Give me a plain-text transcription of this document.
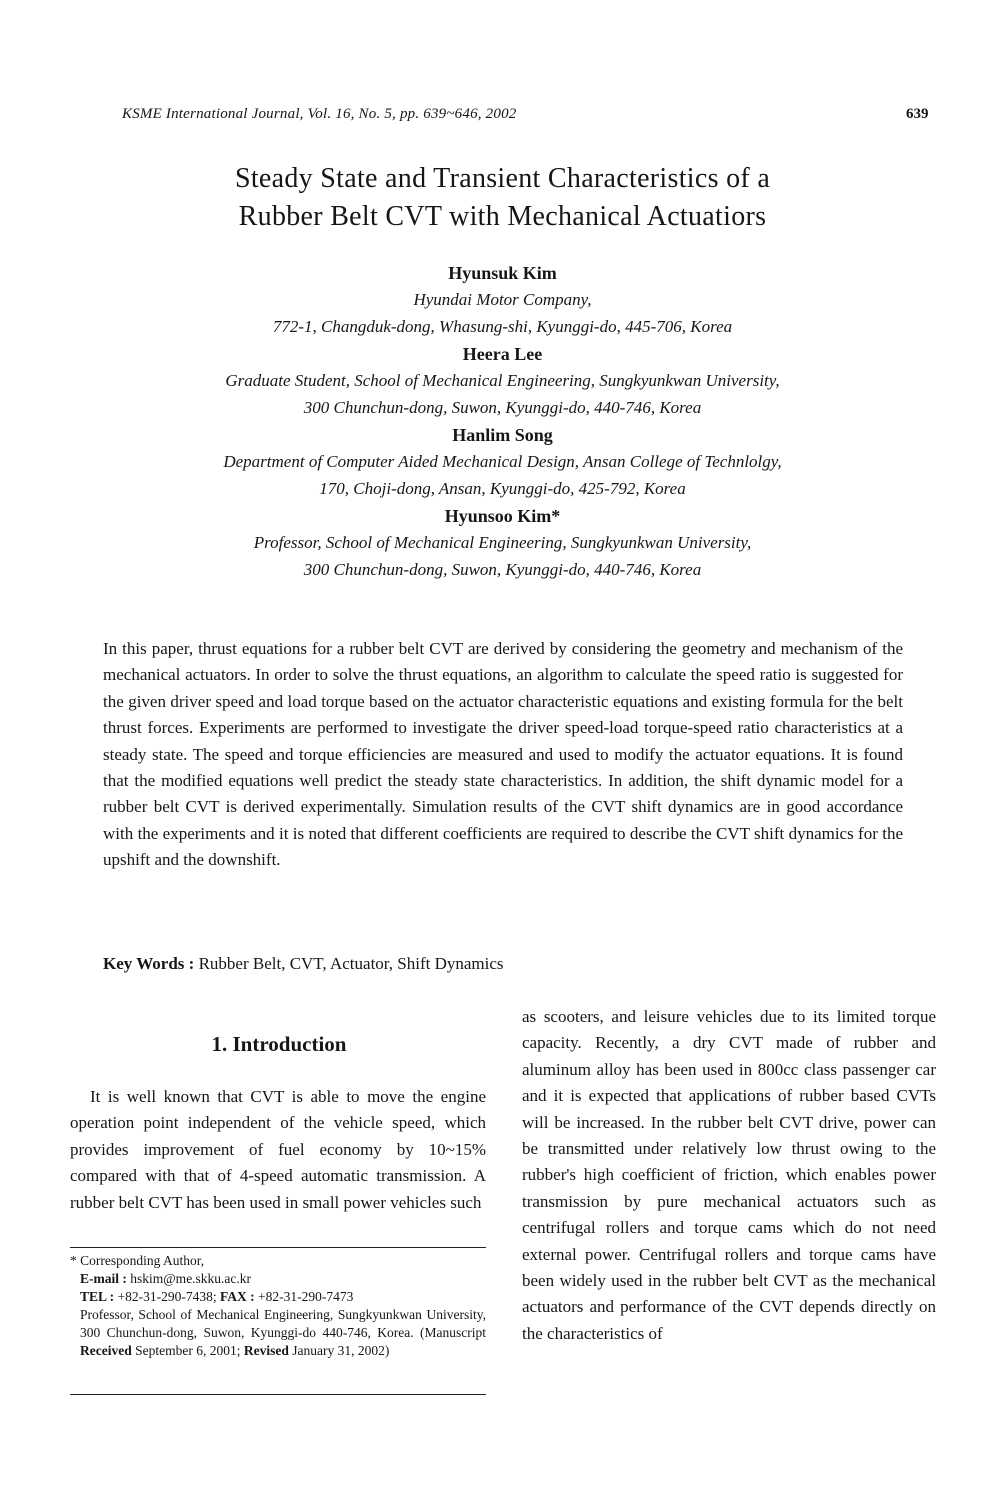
KSME International Journal, Vol. 16, No. 5, pp. 639~646, 2002	639
Steady State and Transient Characteristics of a
Rubber Belt CVT with Mechanical Actuatiors
Hyunsuk Kim
Hyundai Motor Company,
772-1, Changduk-dong, Whasung-shi, Kyunggi-do, 445-706, Korea
Heera Lee
Graduate Student, School of Mechanical Engineering, Sungkyunkwan University,
300 Chunchun-dong, Suwon, Kyunggi-do, 440-746, Korea
Hanlim Song
Department of Computer Aided Mechanical Design, Ansan College of Technlolgy,
170, Choji-dong, Ansan, Kyunggi-do, 425-792, Korea
Hyunsoo Kim*
Professor, School of Mechanical Engineering, Sungkyunkwan University,
300 Chunchun-dong, Suwon, Kyunggi-do, 440-746, Korea
In this paper, thrust equations for a rubber belt CVT are derived by considering the geometry and mechanism of the mechanical actuators. In order to solve the thrust equations, an algorithm to calculate the speed ratio is suggested for the given driver speed and load torque based on the actuator characteristic equations and existing formula for the belt thrust forces. Experiments are performed to investigate the driver speed-load torque-speed ratio characteristics at a steady state. The speed and torque efficiencies are measured and used to modify the actuator equations. It is found that the modified equations well predict the steady state characteristics. In addition, the shift dynamic model for a rubber belt CVT is derived experimentally. Simulation results of the CVT shift dynamics are in good accordance with the experiments and it is noted that different coefficients are required to describe the CVT shift dynamics for the upshift and the downshift.
Key Words : Rubber Belt, CVT, Actuator, Shift Dynamics
1. Introduction
It is well known that CVT is able to move the engine operation point independent of the vehicle speed, which provides improvement of fuel economy by 10~15% compared with that of 4-speed automatic transmission. A rubber belt CVT has been used in small power vehicles such
as scooters, and leisure vehicles due to its limited torque capacity. Recently, a dry CVT made of rubber and aluminum alloy has been used in 800cc class passenger car and it is expected that applications of rubber based CVTs will be increased. In the rubber belt CVT drive, power can be transmitted under relatively low thrust owing to the rubber's high coefficient of friction, which enables power transmission by pure mechanical actuators such as centrifugal rollers and torque cams which do not need external power. Centrifugal rollers and torque cams have been widely used in the rubber belt CVT as the mechanical actuators and performance of the CVT depends directly on the characteristics of
* Corresponding Author,
E-mail : hskim@me.skku.ac.kr
TEL : +82-31-290-7438; FAX : +82-31-290-7473
Professor, School of Mechanical Engineering, Sungkyunkwan University, 300 Chunchun-dong, Suwon, Kyunggi-do 440-746, Korea. (Manuscript Received September 6, 2001; Revised January 31, 2002)
